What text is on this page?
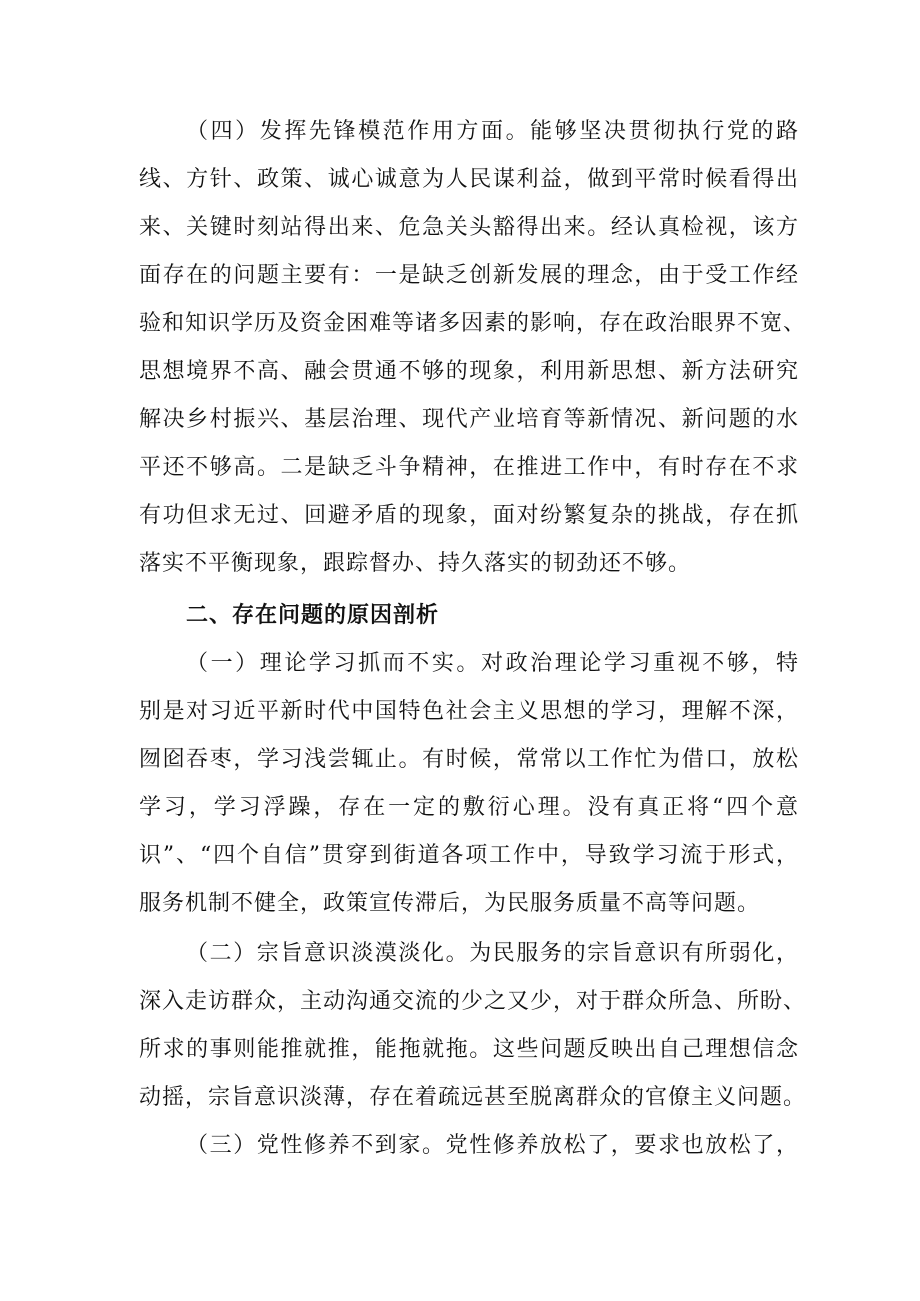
（四）发挥先锋模范作用方面。能够坚决贯彻执行党的路
线、方针、政策、诚心诚意为人民谋利益，做到平常时候看得出
来、关键时刻站得出来、危急关头豁得出来。经认真检视，该方
面存在的问题主要有：一是缺乏创新发展的理念，由于受工作经
验和知识学历及资金困难等诸多因素的影响，存在政治眼界不宽、
思想境界不高、融会贯通不够的现象，利用新思想、新方法研究
解决乡村振兴、基层治理、现代产业培育等新情况、新问题的水
平还不够高。二是缺乏斗争精神，在推进工作中，有时存在不求
有功但求无过、回避矛盾的现象，面对纷繁复杂的挑战，存在抓
落实不平衡现象，跟踪督办、持久落实的韧劲还不够。
二、存在问题的原因剖析
（一）理论学习抓而不实。对政治理论学习重视不够，特
别是对习近平新时代中国特色社会主义思想的学习，理解不深，
囫囵吞枣，学习浅尝辄止。有时候，常常以工作忙为借口，放松
学习，学习浮躁，存在一定的敷衍心理。没有真正将“四个意
识”、“四个自信”贯穿到街道各项工作中，导致学习流于形式，
服务机制不健全，政策宣传滞后，为民服务质量不高等问题。
（二）宗旨意识淡漠淡化。为民服务的宗旨意识有所弱化，
深入走访群众，主动沟通交流的少之又少，对于群众所急、所盼、
所求的事则能推就推，能拖就拖。这些问题反映出自己理想信念
动摇，宗旨意识淡薄，存在着疏远甚至脱离群众的官僚主义问题。
（三）党性修养不到家。党性修养放松了，要求也放松了，
